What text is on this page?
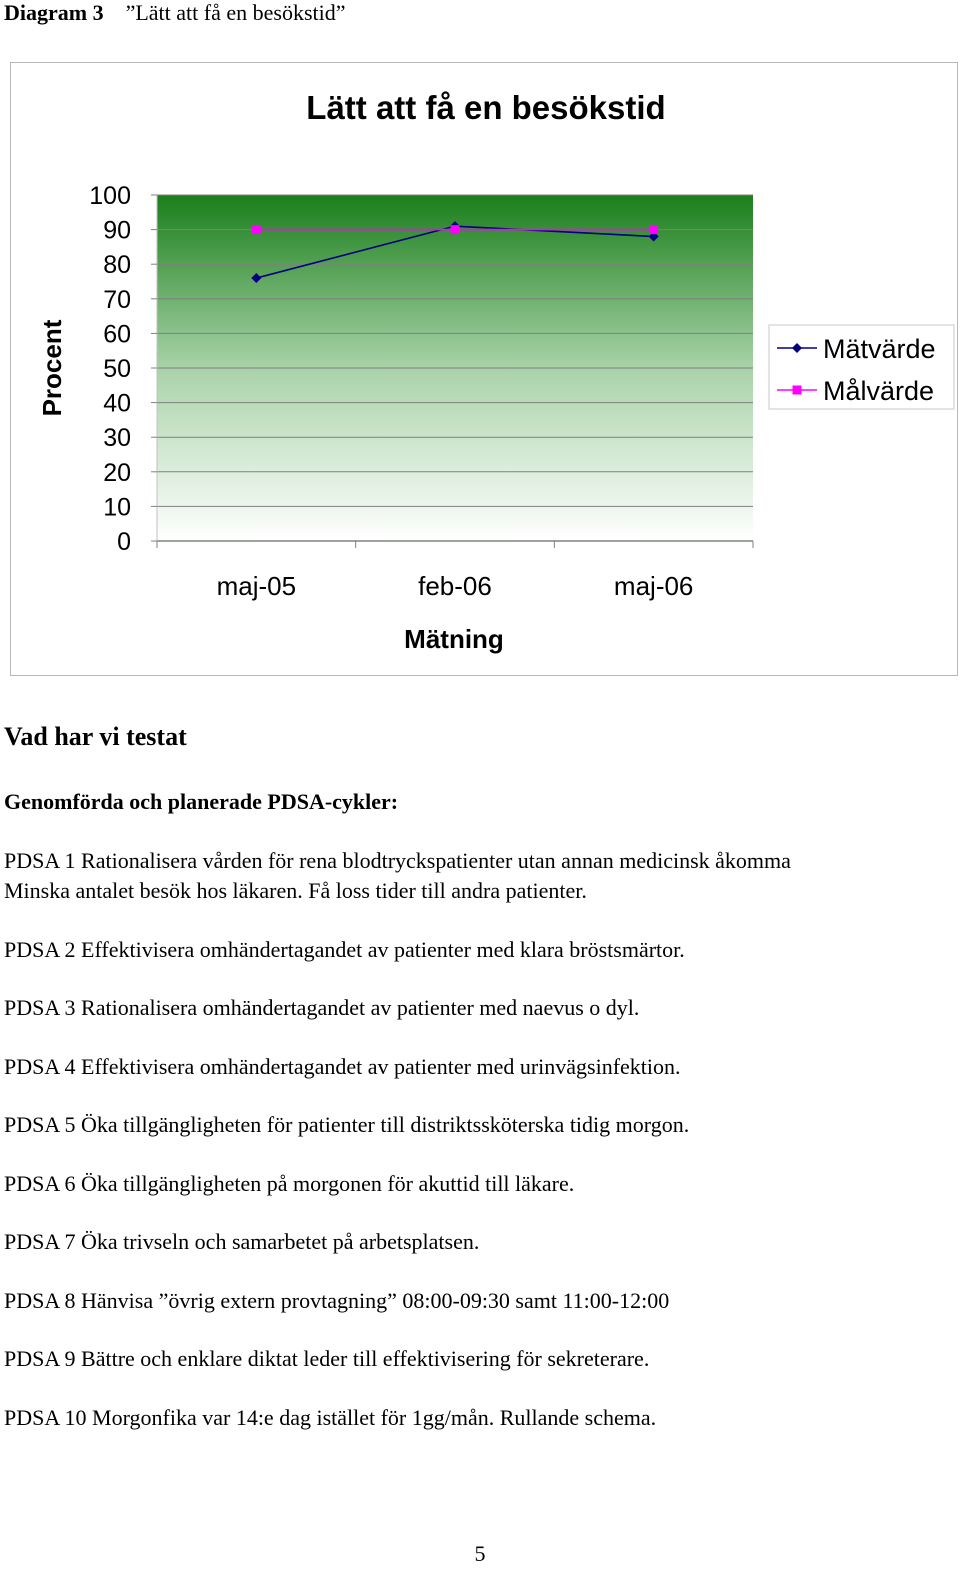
Diagram 3 ”Lätt att få en besökstid”
Lätt att få en besökstid
0
10
20
30
40
50
60
70
80
90
100
maj-05	feb-06	maj-06
Procent
Mätning
Mätvärde
Målvärde
Vad har vi testat
Genomförda och planerade PDSA-cykler:
PDSA 1 Rationalisera vården för rena blodtryckspatienter utan annan medicinsk åkomma
Minska antalet besök hos läkaren. Få loss tider till andra patienter.
PDSA 2 Effektivisera omhändertagandet av patienter med klara bröstsmärtor.
PDSA 3 Rationalisera omhändertagandet av patienter med naevus o dyl.
PDSA 4 Effektivisera omhändertagandet av patienter med urinvägsinfektion.
PDSA 5 Öka tillgängligheten för patienter till distriktssköterska tidig morgon.
PDSA 6 Öka tillgängligheten på morgonen för akuttid till läkare.
PDSA 7 Öka trivseln och samarbetet på arbetsplatsen.
PDSA 8 Hänvisa ”övrig extern provtagning” 08:00-09:30 samt 11:00-12:00
PDSA 9 Bättre och enklare diktat leder till effektivisering för sekreterare.
PDSA 10 Morgonfika var 14:e dag istället för 1gg/mån. Rullande schema.
5
